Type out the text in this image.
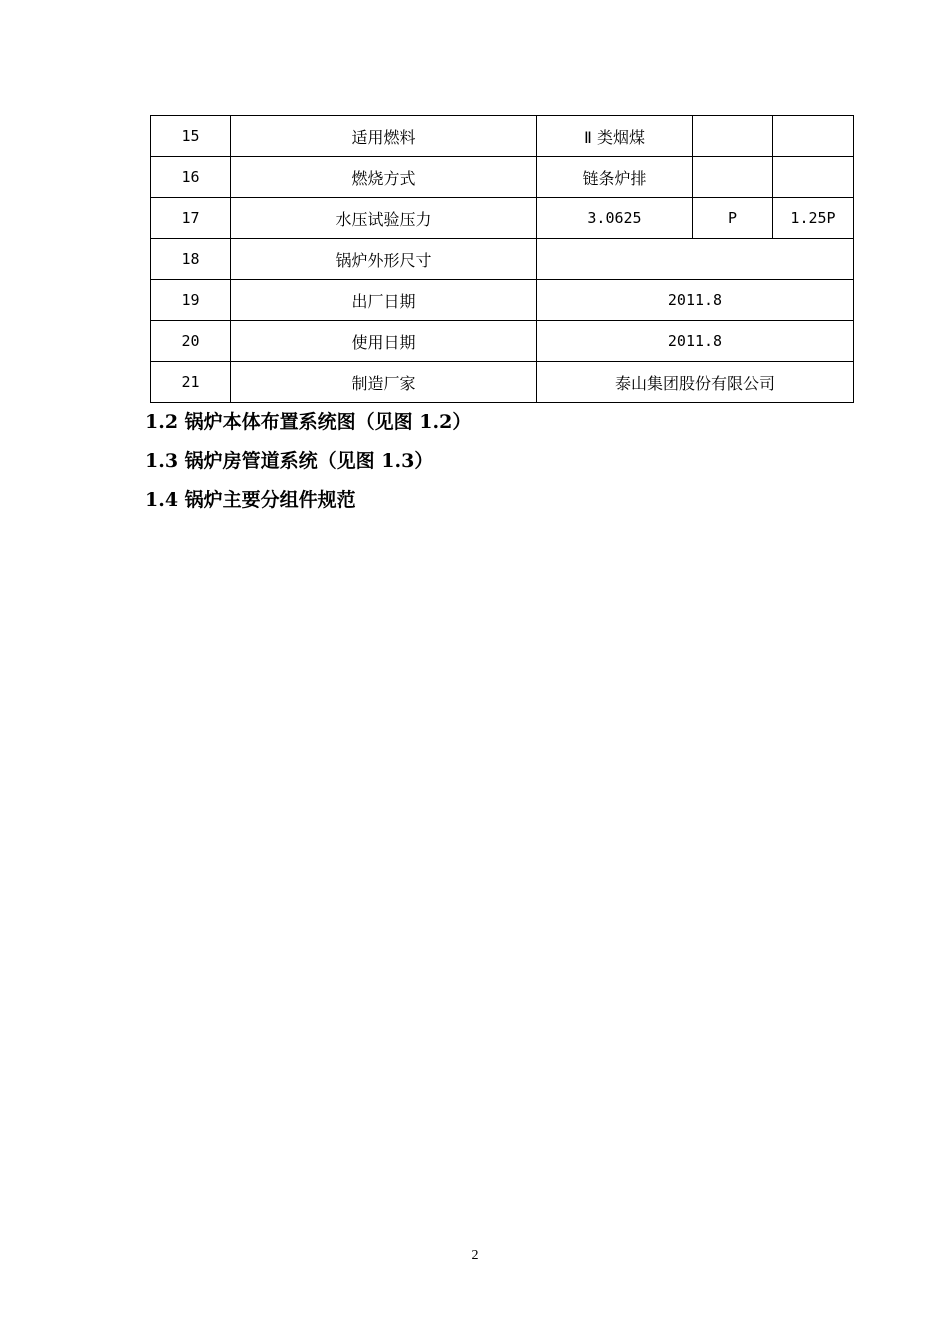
15	适用燃料	Ⅱ 类烟煤		
16	燃烧方式	链条炉排		
17	水压试验压力	3.0625	P	1.25P
18	锅炉外形尺寸			
19	出厂日期	2011.8		
20	使用日期	2011.8		
21	制造厂家	泰山集团股份有限公司		

1.2 锅炉本体布置系统图（见图 1.2）

1.3 锅炉房管道系统（见图 1.3）

1.4 锅炉主要分组件规范

2
